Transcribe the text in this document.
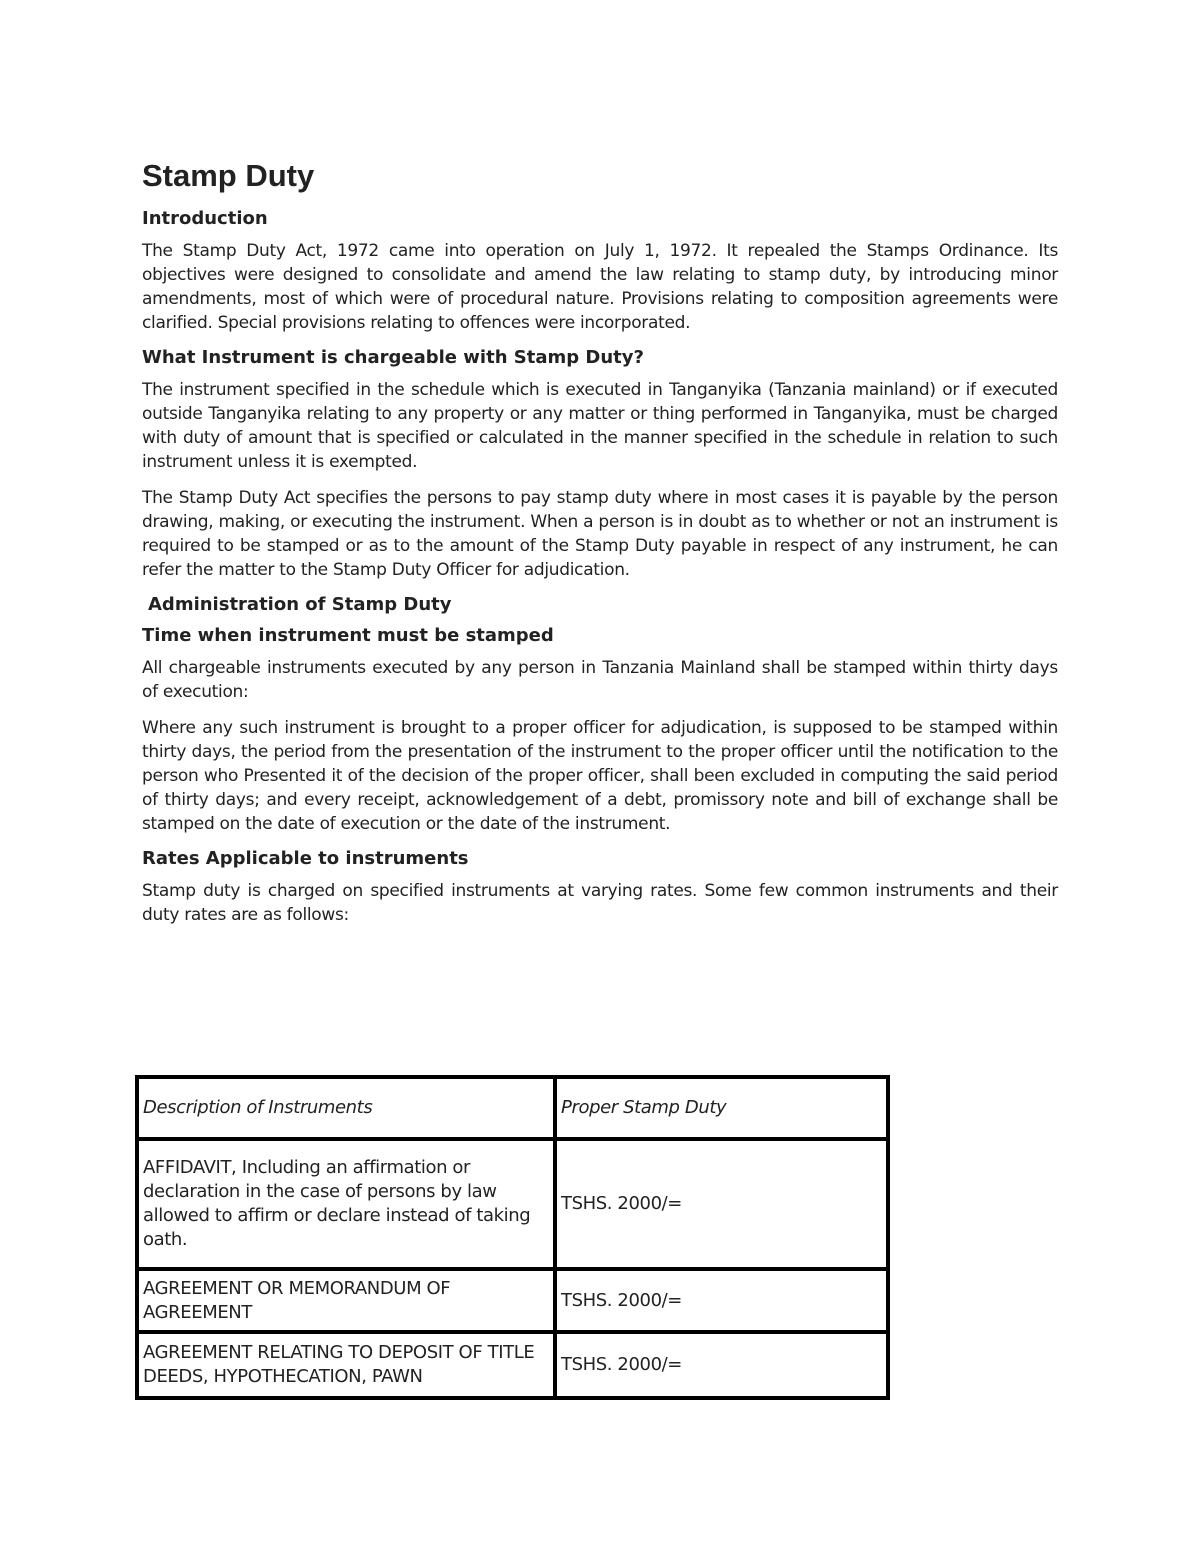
Stamp Duty
Introduction

The Stamp Duty Act, 1972 came into operation on July 1, 1972. It repealed the Stamps Ordinance. Its objectives were designed to consolidate and amend the law relating to stamp duty, by introducing minor amendments, most of which were of procedural nature. Provisions relating to composition agreements were clarified. Special provisions relating to offences were incorporated.

What Instrument is chargeable with Stamp Duty?

The instrument specified in the schedule which is executed in Tanganyika (Tanzania mainland) or if executed outside Tanganyika relating to any property or any matter or thing performed in Tanganyika, must be charged with duty of amount that is specified or calculated in the manner specified in the schedule in relation to such instrument unless it is exempted.

The Stamp Duty Act specifies the persons to pay stamp duty where in most cases it is payable by the person drawing, making, or executing the instrument. When a person is in doubt as to whether or not an instrument is required to be stamped or as to the amount of the Stamp Duty payable in respect of any instrument, he can refer the matter to the Stamp Duty Officer for adjudication.

Administration of Stamp Duty
Time when instrument must be stamped

All chargeable instruments executed by any person in Tanzania Mainland shall be stamped within thirty days of execution:

Where any such instrument is brought to a proper officer for adjudication, is supposed to be stamped within thirty days, the period from the presentation of the instrument to the proper officer until the notification to the person who Presented it of the decision of the proper officer, shall been excluded in computing the said period of thirty days; and every receipt, acknowledgement of a debt, promissory note and bill of exchange shall be stamped on the date of execution or the date of the instrument.

Rates Applicable to instruments

Stamp duty is charged on specified instruments at varying rates. Some few common instruments and their duty rates are as follows:

Description of Instruments	Proper Stamp Duty
AFFIDAVIT, Including an affirmation or declaration in the case of persons by law allowed to affirm or declare instead of taking oath.	TSHS. 2000/=
AGREEMENT OR MEMORANDUM OF AGREEMENT	TSHS. 2000/=
AGREEMENT RELATING TO DEPOSIT OF TITLE DEEDS, HYPOTHECATION, PAWN	TSHS. 2000/=
